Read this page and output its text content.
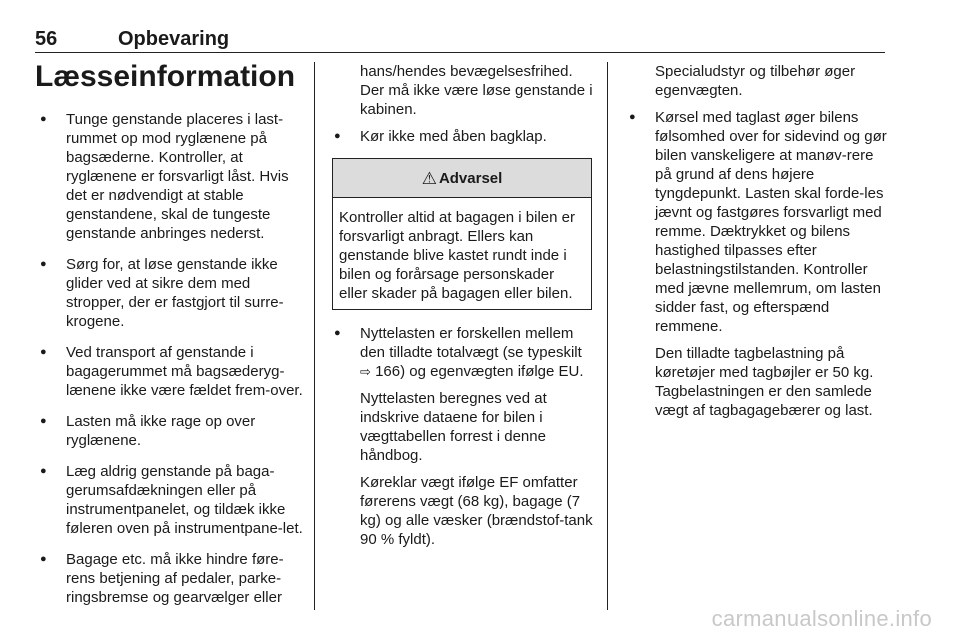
56	Opbevaring
Læsseinformation
● Tunge genstande placeres i last-rummet op mod ryglænene på bagsæderne. Kontroller, at ryglænene er forsvarligt låst. Hvis det er nødvendigt at stable genstandene, skal de tungeste genstande anbringes nederst.
● Sørg for, at løse genstande ikke glider ved at sikre dem med stropper, der er fastgjort til surre-krogene.
● Ved transport af genstande i bagagerummet må bagsæderyg-lænene ikke være fældet frem-over.
● Lasten må ikke rage op over ryglænene.
● Læg aldrig genstande på baga-gerumsafdækningen eller på instrumentpanelet, og tildæk ikke føleren oven på instrumentpane-let.
● Bagage etc. må ikke hindre føre-rens betjening af pedaler, parke-ringsbremse og gearvælger eller

hans/hendes bevægelsesfrihed. Der må ikke være løse genstande i kabinen.

● Kør ikke med åben bagklap.
⚠ Advarsel
Kontroller altid at bagagen i bilen er forsvarligt anbragt. Ellers kan genstande blive kastet rundt inde i bilen og forårsage personskader eller skader på bagagen eller bilen.

● Nyttelasten er forskellen mellem den tilladte totalvægt (se typeskilt ⇨ 166) og egenvægten ifølge EU.

Nyttelasten beregnes ved at indskrive dataene for bilen i vægttabellen forrest i denne håndbog.

Køreklar vægt ifølge EF omfatter førerens vægt (68 kg), bagage (7 kg) og alle væsker (brændstof-tank 90 % fyldt).

Specialudstyr og tilbehør øger egenvægten.

● Kørsel med taglast øger bilens følsomhed over for sidevind og gør bilen vanskeligere at manøv-rere på grund af dens højere tyngdepunkt. Lasten skal forde-les jævnt og fastgøres forsvarligt med remme. Dæktrykket og bilens hastighed tilpasses efter belastningstilstanden. Kontroller med jævne mellemrum, om lasten sidder fast, og efterspænd remmene.

Den tilladte tagbelastning på køretøjer med tagbøjler er 50 kg. Tagbelastningen er den samlede vægt af tagbagagebærer og last.

carmanualsonline.info
